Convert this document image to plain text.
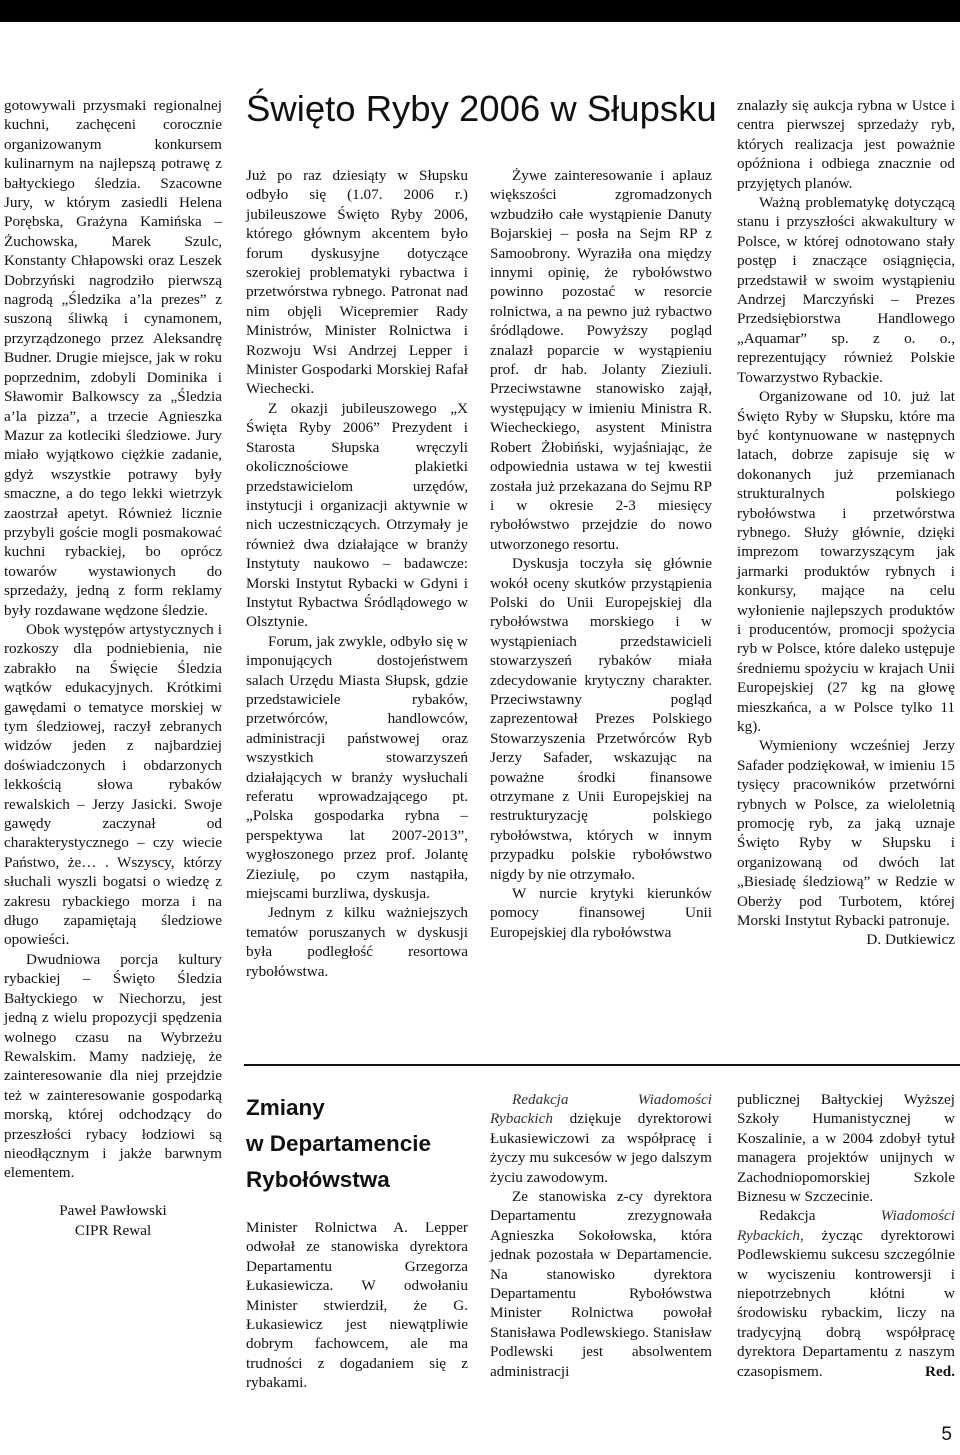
gotowywali przysmaki regionalnej kuchni, zachęceni corocznie organizowanym konkursem kulinarnym na najlepszą potrawę z bałtyckiego śledzia. Szacowne Jury, w którym zasiedli Helena Porębska, Grażyna Kamińska – Żuchowska, Marek Szulc, Konstanty Chłapowski oraz Leszek Dobrzyński nagrodziło pierwszą nagrodą „Śledzika a’la prezes” z suszoną śliwką i cynamonem, przyrządzonego przez Aleksandrę Budner. Drugie miejsce, jak w roku poprzednim, zdobyli Dominika i Sławomir Balkowscy za „Śledzia a’la pizza”, a trzecie Agnieszka Mazur za kotleciki śledziowe. Jury miało wyjątkowo ciężkie zadanie, gdyż wszystkie potrawy były smaczne, a do tego lekki wietrzyk zaostrzał apetyt. Również licznie przybyli goście mogli posmakować kuchni rybackiej, bo oprócz towarów wystawionych do sprzedaży, jedną z form reklamy były rozdawane wędzone śledzie.

Obok występów artystycznych i rozkoszy dla podniebienia, nie zabrakło na Święcie Śledzia wątków edukacyjnych. Krótkimi gawędami o tematyce morskiej w tym śledziowej, raczył zebranych widzów jeden z najbardziej doświadczonych i obdarzonych lekkością słowa rybaków rewalskich – Jerzy Jasicki. Swoje gawędy zaczynał od charakterystycznego – czy wiecie Państwo, że… . Wszyscy, którzy słuchali wyszli bogatsi o wiedzę z zakresu rybackiego morza i na długo zapamiętają śledziowe opowieści.

Dwudniowa porcja kultury rybackiej – Święto Śledzia Bałtyckiego w Niechorzu, jest jedną z wielu propozycji spędzenia wolnego czasu na Wybrzeżu Rewalskim. Mamy nadzieję, że zainteresowanie dla niej przejdzie też w zainteresowanie gospodarką morską, której odchodzący do przeszłości rybacy łodziowi są nieodłącznym i jakże barwnym elementem.

Paweł Pawłowski
CIPR Rewal
Święto Ryby 2006 w Słupsku

Już po raz dziesiąty w Słupsku odbyło się (1.07. 2006 r.) jubileuszowe Święto Ryby 2006, którego głównym akcentem było forum dyskusyjne dotyczące szerokiej problematyki rybactwa i przetwórstwa rybnego. Patronat nad nim objęli Wicepremier Rady Ministrów, Minister Rolnictwa i Rozwoju Wsi Andrzej Lepper i Minister Gospodarki Morskiej Rafał Wiechecki.

Z okazji jubileuszowego „X Święta Ryby 2006” Prezydent i Starosta Słupska wręczyli okolicznościowe plakietki przedstawicielom urzędów, instytucji i organizacji aktywnie w nich uczestniczących. Otrzymały je również dwa działające w branży Instytuty naukowo – badawcze: Morski Instytut Rybacki w Gdyni i Instytut Rybactwa Śródlądowego w Olsztynie.

Forum, jak zwykle, odbyło się w imponujących dostojeństwem salach Urzędu Miasta Słupsk, gdzie przedstawiciele rybaków, przetwórców, handlowców, administracji państwowej oraz wszystkich stowarzyszeń działających w branży wysłuchali referatu wprowadzającego pt. „Polska gospodarka rybna – perspektywa lat 2007-2013”, wygłoszonego przez prof. Jolantę Zieziulę, po czym nastąpiła, miejscami burzliwa, dyskusja.

Jednym z kilku ważniejszych tematów poruszanych w dyskusji była podległość resortowa rybołówstwa.

Żywe zainteresowanie i aplauz większości zgromadzonych wzbudziło całe wystąpienie Danuty Bojarskiej – posła na Sejm RP z Samoobrony. Wyraziła ona między innymi opinię, że rybołówstwo powinno pozostać w resorcie rolnictwa, a na pewno już rybactwo śródlądowe. Powyższy pogląd znalazł poparcie w wystąpieniu prof. dr hab. Jolanty Zieziuli. Przeciwstawne stanowisko zajął, występujący w imieniu Ministra R. Wiecheckiego, asystent Ministra Robert Żłobiński, wyjaśniając, że odpowiednia ustawa w tej kwestii została już przekazana do Sejmu RP i w okresie 2-3 miesięcy rybołówstwo przejdzie do nowo utworzonego resortu.

Dyskusja toczyła się głównie wokół oceny skutków przystąpienia Polski do Unii Europejskiej dla rybołówstwa morskiego i w wystąpieniach przedstawicieli stowarzyszeń rybaków miała zdecydowanie krytyczny charakter. Przeciwstawny pogląd zaprezentował Prezes Polskiego Stowarzyszenia Przetwórców Ryb Jerzy Safader, wskazując na poważne środki finansowe otrzymane z Unii Europejskiej na restrukturyzację polskiego rybołówstwa, których w innym przypadku polskie rybołówstwo nigdy by nie otrzymało.

W nurcie krytyki kierunków pomocy finansowej Unii Europejskiej dla rybołówstwa

znalazły się aukcja rybna w Ustce i centra pierwszej sprzedaży ryb, których realizacja jest poważnie opóźniona i odbiega znacznie od przyjętych planów.

Ważną problematykę dotyczącą stanu i przyszłości akwakultury w Polsce, w której odnotowano stały postęp i znaczące osiągnięcia, przedstawił w swoim wystąpieniu Andrzej Marczyński – Prezes Przedsiębiorstwa Handlowego „Aquamar” sp. z o. o., reprezentujący również Polskie Towarzystwo Rybackie.

Organizowane od 10. już lat Święto Ryby w Słupsku, które ma być kontynuowane w następnych latach, dobrze zapisuje się w dokonanych już przemianach strukturalnych polskiego rybołówstwa i przetwórstwa rybnego. Służy głównie, dzięki imprezom towarzyszącym jak jarmarki produktów rybnych i konkursy, mające na celu wyłonienie najlepszych produktów i producentów, promocji spożycia ryb w Polsce, które daleko ustępuje średniemu spożyciu w krajach Unii Europejskiej (27 kg na głowę mieszkańca, a w Polsce tylko 11 kg).

Wymieniony wcześniej Jerzy Safader podziękował, w imieniu 15 tysięcy pracowników przetwórni rybnych w Polsce, za wieloletnią promocję ryb, za jaką uznaje Święto Ryby w Słupsku i organizowaną od dwóch lat „Biesiadę śledziową” w Redzie w Oberży pod Turbotem, której Morski Instytut Rybacki patronuje.

D. Dutkiewicz

Zmiany
w Departamencie
Rybołówstwa

Minister Rolnictwa A. Lepper odwołał ze stanowiska dyrektora Departamentu Grzegorza Łukasiewicza. W odwołaniu Minister stwierdził, że G. Łukasiewicz jest niewątpliwie dobrym fachowcem, ale ma trudności z dogadaniem się z rybakami.

Redakcja Wiadomości Rybackich dziękuje dyrektorowi Łukasiewiczowi za współpracę i życzy mu sukcesów w jego dalszym życiu zawodowym.

Ze stanowiska z-cy dyrektora Departamentu zrezygnowała Agnieszka Sokołowska, która jednak pozostała w Departamencie. Na stanowisko dyrektora Departamentu Rybołówstwa Minister Rolnictwa powołał Stanisława Podlewskiego. Stanisław Podlewski jest absolwentem administracji

publicznej Bałtyckiej Wyższej Szkoły Humanistycznej w Koszalinie, a w 2004 zdobył tytuł managera projektów unijnych w Zachodniopomorskiej Szkole Biznesu w Szczecinie.

Redakcja Wiadomości Rybackich, życząc dyrektorowi Podlewskiemu sukcesu szczególnie w wyciszeniu kontrowersji i niepotrzebnych kłótni w środowisku rybackim, liczy na tradycyjną dobrą współpracę dyrektora Departamentu z naszym czasopismem.	Red.

5
